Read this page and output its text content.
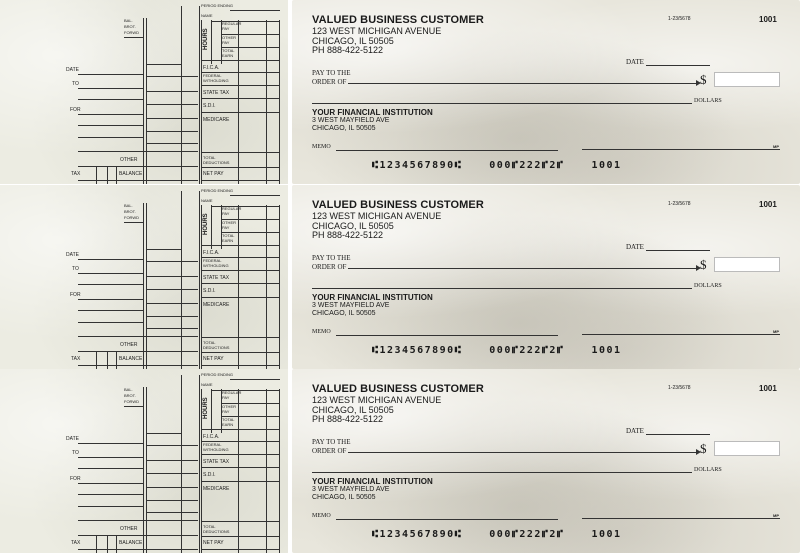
PERIOD ENDING
NAME
BAL.
BROT.
FORWD	HOURS
REGULAR
PAY
OTHER
PAY
TOTAL
EARN
F.I.C.A.
FEDERAL
WITHOLDING
STATE TAX
S.D.I.
MEDICARE
TOTAL
DEDUCTIONS
NET PAY
DATE
TO
FOR
OTHER
TAX	BALANCE
VALUED BUSINESS CUSTOMER
123 WEST MICHIGAN AVENUE
CHICAGO, IL 50505
PH 888-422-5122
1-23/5678	1001
DATE
PAY TO THE
ORDER OF	$
DOLLARS
YOUR FINANCIAL INSTITUTION
3 WEST MAYFIELD AVE
CHICAGO, IL 50505
MEMO	MP
⑆1234567890⑆	000⑈222⑈2⑈	1001
PERIOD ENDING
NAME
BAL.
BROT.
FORWD	HOURS
REGULAR
PAY
OTHER
PAY
TOTAL
EARN
F.I.C.A.
FEDERAL
WITHOLDING
STATE TAX
S.D.I.
MEDICARE
TOTAL
DEDUCTIONS
NET PAY
DATE
TO
FOR
OTHER
TAX	BALANCE
VALUED BUSINESS CUSTOMER
123 WEST MICHIGAN AVENUE
CHICAGO, IL 50505
PH 888-422-5122
1-23/5678	1001
DATE
PAY TO THE
ORDER OF	$
DOLLARS
YOUR FINANCIAL INSTITUTION
3 WEST MAYFIELD AVE
CHICAGO, IL 50505
MEMO	MP
⑆1234567890⑆	000⑈222⑈2⑈	1001
PERIOD ENDING
NAME
BAL.
BROT.
FORWD	HOURS
REGULAR
PAY
OTHER
PAY
TOTAL
EARN
F.I.C.A.
FEDERAL
WITHOLDING
STATE TAX
S.D.I.
MEDICARE
TOTAL
DEDUCTIONS
NET PAY
DATE
TO
FOR
OTHER
TAX	BALANCE
VALUED BUSINESS CUSTOMER
123 WEST MICHIGAN AVENUE
CHICAGO, IL 50505
PH 888-422-5122
1-23/5678	1001
DATE
PAY TO THE
ORDER OF	$
DOLLARS
YOUR FINANCIAL INSTITUTION
3 WEST MAYFIELD AVE
CHICAGO, IL 50505
MEMO	MP
⑆1234567890⑆	000⑈222⑈2⑈	1001
